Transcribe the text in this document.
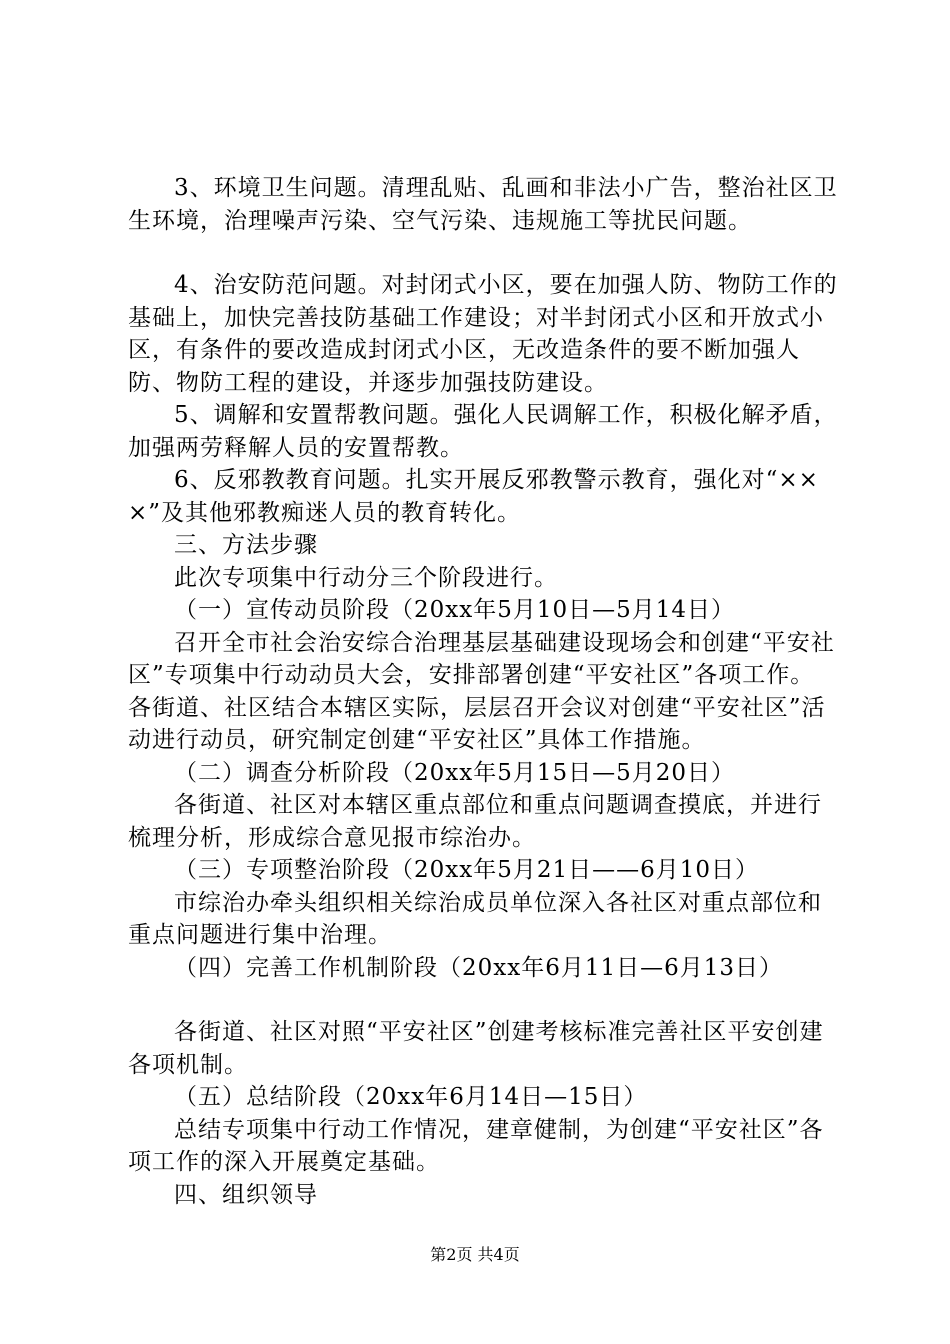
3、环境卫生问题。清理乱贴、乱画和非法小广告，整治社区卫生环境，治理噪声污染、空气污染、违规施工等扰民问题。

4、治安防范问题。对封闭式小区，要在加强人防、物防工作的基础上，加快完善技防基础工作建设；对半封闭式小区和开放式小区，有条件的要改造成封闭式小区，无改造条件的要不断加强人防、物防工程的建设，并逐步加强技防建设。

5、调解和安置帮教问题。强化人民调解工作，积极化解矛盾，加强两劳释解人员的安置帮教。

6、反邪教教育问题。扎实开展反邪教警示教育，强化对“×××”及其他邪教痴迷人员的教育转化。

三、方法步骤

此次专项集中行动分三个阶段进行。

（一）宣传动员阶段（20xx年5月10日—5月14日）

召开全市社会治安综合治理基层基础建设现场会和创建“平安社区”专项集中行动动员大会，安排部署创建“平安社区”各项工作。各街道、社区结合本辖区实际，层层召开会议对创建“平安社区”活动进行动员，研究制定创建“平安社区”具体工作措施。

（二）调查分析阶段（20xx年5月15日—5月20日）

各街道、社区对本辖区重点部位和重点问题调查摸底，并进行梳理分析，形成综合意见报市综治办。

（三）专项整治阶段（20xx年5月21日——6月10日）

市综治办牵头组织相关综治成员单位深入各社区对重点部位和重点问题进行集中治理。

（四）完善工作机制阶段（20xx年6月11日—6月13日）

各街道、社区对照“平安社区”创建考核标准完善社区平安创建各项机制。

（五）总结阶段（20xx年6月14日—15日）

总结专项集中行动工作情况，建章健制，为创建“平安社区”各项工作的深入开展奠定基础。

四、组织领导

第2页 共4页
